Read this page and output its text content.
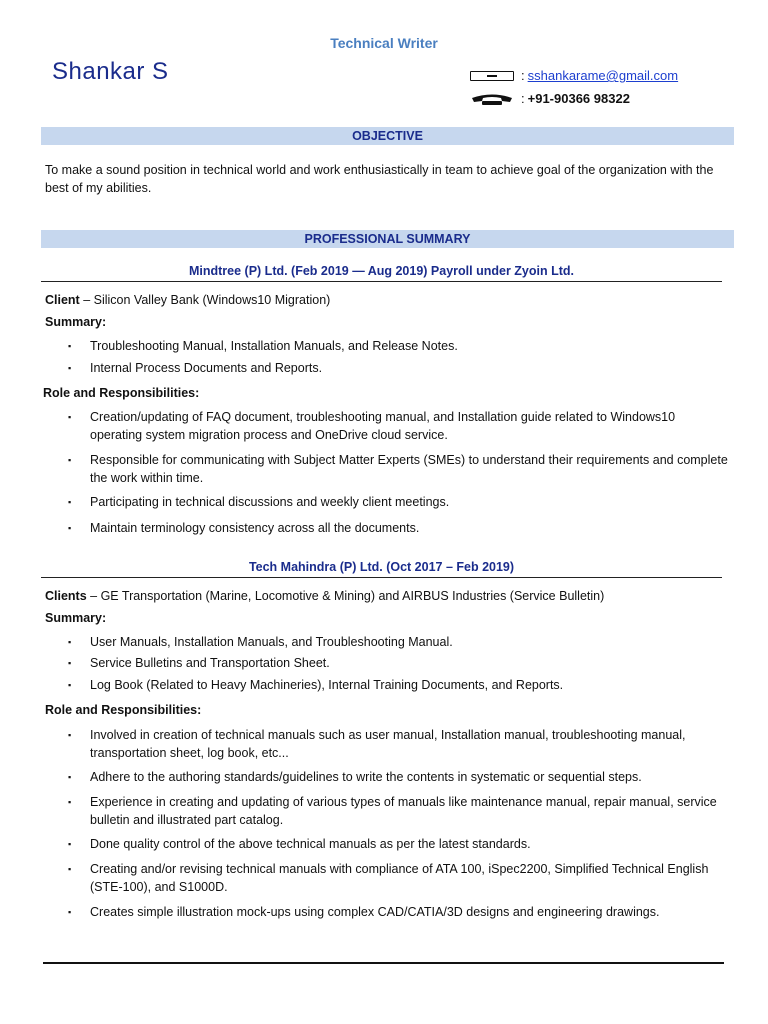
Technical Writer
Shankar S	: sshankarame@gmail.com
: +91-90366 98322
OBJECTIVE
To make a sound position in technical world and work enthusiastically in team to achieve goal of the organization with the best of my abilities.
PROFESSIONAL SUMMARY
Mindtree (P) Ltd. (Feb 2019 — Aug 2019) Payroll under Zyoin Ltd.
Client – Silicon Valley Bank (Windows10 Migration)
Summary:
▪	Troubleshooting Manual, Installation Manuals, and Release Notes.
▪	Internal Process Documents and Reports.
Role and Responsibilities:
▪	Creation/updating of FAQ document, troubleshooting manual, and Installation guide related to Windows10 operating system migration process and OneDrive cloud service.
▪	Responsible for communicating with Subject Matter Experts (SMEs) to understand their requirements and complete the work within time.
▪	Participating in technical discussions and weekly client meetings.
▪	Maintain terminology consistency across all the documents.
Tech Mahindra (P) Ltd. (Oct 2017 – Feb 2019)
Clients – GE Transportation (Marine, Locomotive & Mining) and AIRBUS Industries (Service Bulletin)
Summary:
▪	User Manuals, Installation Manuals, and Troubleshooting Manual.
▪	Service Bulletins and Transportation Sheet.
▪	Log Book (Related to Heavy Machineries), Internal Training Documents, and Reports.
Role and Responsibilities:
▪	Involved in creation of technical manuals such as user manual, Installation manual, troubleshooting manual, transportation sheet, log book, etc...
▪	Adhere to the authoring standards/guidelines to write the contents in systematic or sequential steps.
▪	Experience in creating and updating of various types of manuals like maintenance manual, repair manual, service bulletin and illustrated part catalog.
▪	Done quality control of the above technical manuals as per the latest standards.
▪	Creating and/or revising technical manuals with compliance of ATA 100, iSpec2200, Simplified Technical English (STE-100), and S1000D.
▪	Creates simple illustration mock-ups using complex CAD/CATIA/3D designs and engineering drawings.
